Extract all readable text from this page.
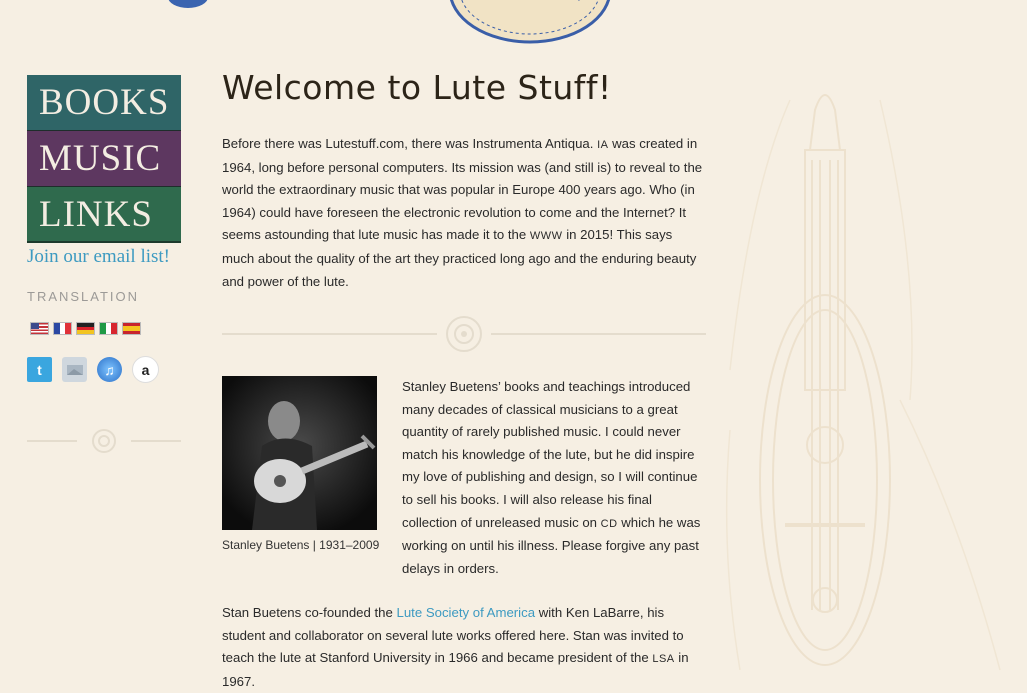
BOOKS
MUSIC
LINKS
Join our email list!
TRANSLATION
t	♫	a
Welcome to Lute Stuff!

Before there was Lutestuff.com, there was Instrumenta Antiqua. IA was created in 1964, long before personal computers. Its mission was (and still is) to reveal to the world the extraordinary music that was popular in Europe 400 years ago. Who (in 1964) could have foreseen the electronic revolution to come and the Internet? It seems astounding that lute music has made it to the WWW in 2015! This says much about the quality of the art they practiced long ago and the enduring beauty and power of the lute.

Stanley Buetens | 1931–2009

Stanley Buetens’ books and teachings introduced many decades of classical musicians to a great quantity of rarely published music. I could never match his knowledge of the lute, but he did inspire my love of publishing and design, so I will continue to sell his books. I will also release his final collection of unreleased music on CD which he was working on until his illness. Please forgive any past delays in orders.

Stan Buetens co-founded the Lute Society of America with Ken LaBarre, his student and collaborator on several lute works offered here. Stan was invited to teach the lute at Stanford University in 1966 and became president of the LSA in 1967.
